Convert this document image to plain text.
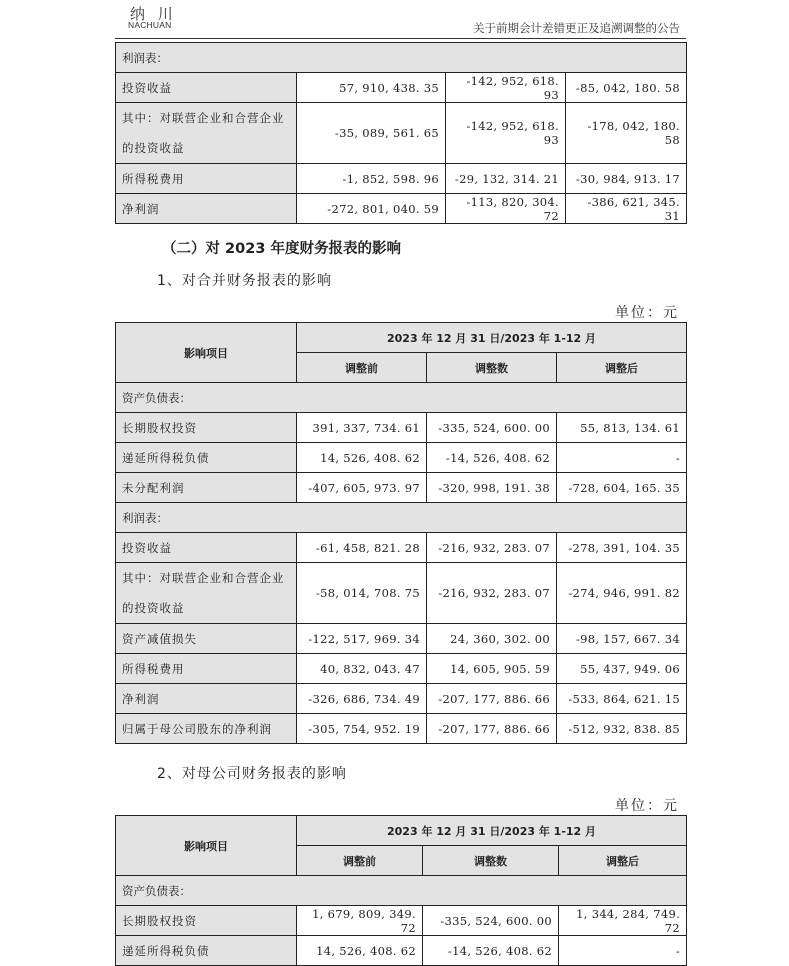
纳 川
NACHUAN	关于前期会计差错更正及追溯调整的公告
利润表：			
投资收益	57, 910, 438. 35	-142, 952, 618. 93	-85, 042, 180. 58
其中：对联营企业和合营企业的投资收益	-35, 089, 561. 65	-142, 952, 618. 93	-178, 042, 180. 58
所得税费用	-1, 852, 598. 96	-29, 132, 314. 21	-30, 984, 913. 17
净利润	-272, 801, 040. 59	-113, 820, 304. 72	-386, 621, 345. 31
（二）对 2023 年度财务报表的影响
1、对合并财务报表的影响
单位：元
影响项目	2023 年 12 月 31 日/2023 年 1-12 月		
	调整前	调整数	调整后
资产负债表：			
长期股权投资	391, 337, 734. 61	-335, 524, 600. 00	55, 813, 134. 61
递延所得税负债	14, 526, 408. 62	-14, 526, 408. 62	-
未分配利润	-407, 605, 973. 97	-320, 998, 191. 38	-728, 604, 165. 35
利润表：			
投资收益	-61, 458, 821. 28	-216, 932, 283. 07	-278, 391, 104. 35
其中：对联营企业和合营企业的投资收益	-58, 014, 708. 75	-216, 932, 283. 07	-274, 946, 991. 82
资产减值损失	-122, 517, 969. 34	24, 360, 302. 00	-98, 157, 667. 34
所得税费用	40, 832, 043. 47	14, 605, 905. 59	55, 437, 949. 06
净利润	-326, 686, 734. 49	-207, 177, 886. 66	-533, 864, 621. 15
归属于母公司股东的净利润	-305, 754, 952. 19	-207, 177, 886. 66	-512, 932, 838. 85
2、对母公司财务报表的影响
单位：元
影响项目	2023 年 12 月 31 日/2023 年 1-12 月		
	调整前	调整数	调整后
资产负债表：			
长期股权投资	1, 679, 809, 349. 72	-335, 524, 600. 00	1, 344, 284, 749. 72
递延所得税负债	14, 526, 408. 62	-14, 526, 408. 62	-
